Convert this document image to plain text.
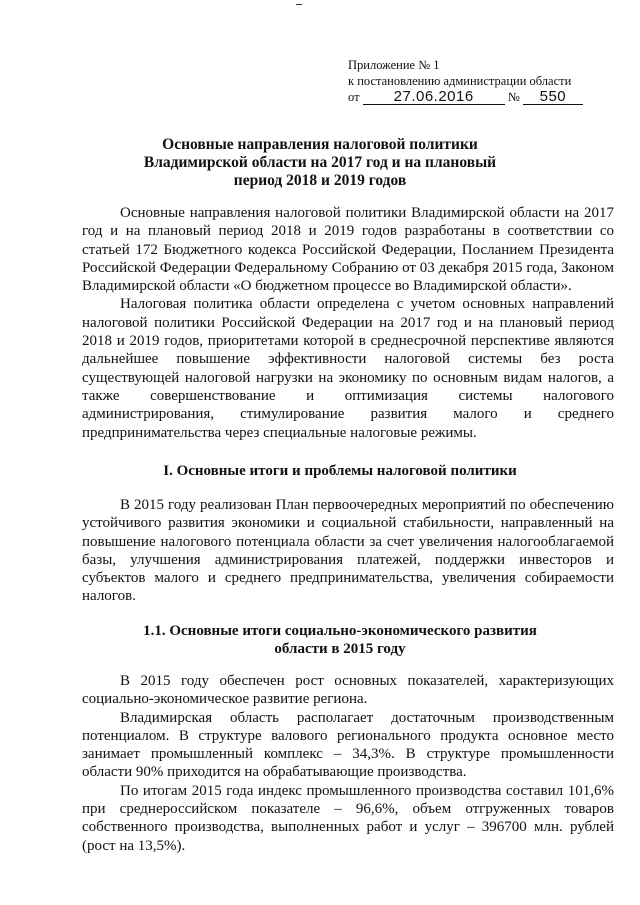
Приложение № 1
к постановлению администрации области
от 27.06.2016	№ 550
Основные направления налоговой политики
Владимирской области на 2017 год и на плановый
период 2018 и 2019 годов

Основные направления налоговой политики Владимирской области на 2017 год и на плановый период 2018 и 2019 годов разработаны в соответствии со статьей 172 Бюджетного кодекса Российской Федерации, Посланием Президента Российской Федерации Федеральному Собранию от 03 декабря 2015 года, Законом Владимирской области «О бюджетном процессе во Владимирской области».

Налоговая политика области определена с учетом основных направлений налоговой политики Российской Федерации на 2017 год и на плановый период 2018 и 2019 годов, приоритетами которой в среднесрочной перспективе являются дальнейшее повышение эффективности налоговой системы без роста существующей налоговой нагрузки на экономику по основным видам налогов, а также совершенствование и оптимизация системы налогового администрирования, стимулирование развития малого и среднего предпринимательства через специальные налоговые режимы.

I. Основные итоги и проблемы налоговой политики

В 2015 году реализован План первоочередных мероприятий по обеспечению устойчивого развития экономики и социальной стабильности, направленный на повышение налогового потенциала области за счет увеличения налогооблагаемой базы, улучшения администрирования платежей, поддержки инвесторов и субъектов малого и среднего предпринимательства, увеличения собираемости налогов.

1.1. Основные итоги социально-экономического развития
области в 2015 году

В 2015 году обеспечен рост основных показателей, характеризующих социально-экономическое развитие региона.

Владимирская область располагает достаточным производственным потенциалом. В структуре валового регионального продукта основное место занимает промышленный комплекс – 34,3%. В структуре промышленности области 90% приходится на обрабатывающие производства.

По итогам 2015 года индекс промышленного производства составил 101,6% при среднероссийском показателе – 96,6%, объем отгруженных товаров собственного производства, выполненных работ и услуг – 396700 млн. рублей (рост на 13,5%).
